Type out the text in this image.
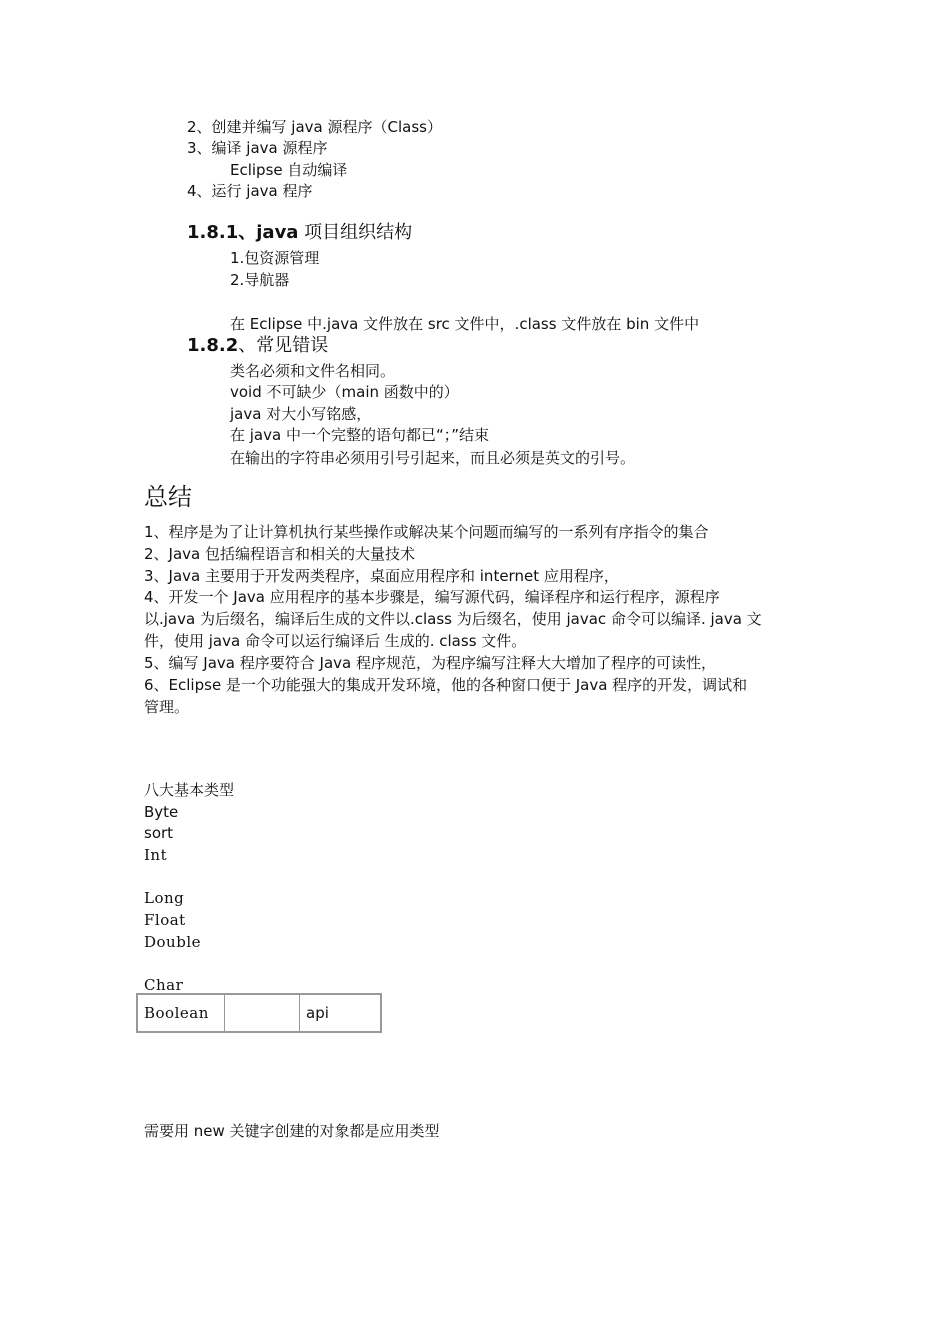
2、创建并编写 java 源程序（Class）
3、编译 java 源程序
Eclipse 自动编译
4、运行 java 程序
1.8.1、java 项目组织结构
1.包资源管理
2.导航器
在 Eclipse 中.java 文件放在 src 文件中，.class 文件放在 bin 文件中
1.8.2、常见错误
类名必须和文件名相同。
void 不可缺少（main 函数中的）
java 对大小写铭感，
在 java 中一个完整的语句都已“；”结束
在输出的字符串必须用引号引起来，而且必须是英文的引号。
总结
1、程序是为了让计算机执行某些操作或解决某个问题而编写的一系列有序指令的集合
2、Java 包括编程语言和相关的大量技术
3、Java 主要用于开发两类程序，桌面应用程序和 internet 应用程序，
4、开发一个 Java 应用程序的基本步骤是，编写源代码，编译程序和运行程序，源程序
以.java 为后缀名，编译后生成的文件以.class 为后缀名，使用 javac 命令可以编译. java 文
件，使用 java 命令可以运行编译后 生成的. class 文件。
5、编写 Java 程序要符合 Java 程序规范，为程序编写注释大大增加了程序的可读性，
6、Eclipse 是一个功能强大的集成开发环境，他的各种窗口便于 Java 程序的开发，调试和
管理。
八大基本类型
Byte
sort
Int
Long
Float
Double
Char
Boolean		api
需要用 new 关键字创建的对象都是应用类型
